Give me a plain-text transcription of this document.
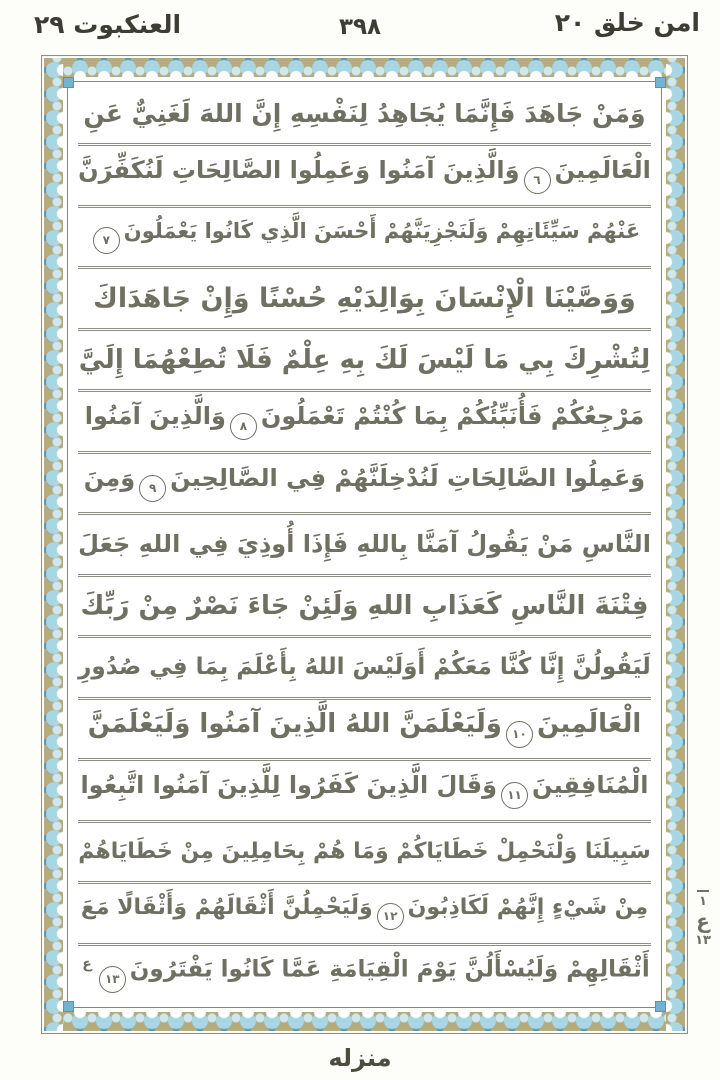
العنكبوت ٢٩	٣٩٨	امن خلق ٢٠
وَمَنْ جَاهَدَ فَإِنَّمَا يُجَاهِدُ لِنَفْسِهِ إِنَّ اللهَ لَغَنِيٌّ عَنِ
الْعَالَمِينَ٦وَالَّذِينَ آمَنُوا وَعَمِلُوا الصَّالِحَاتِ لَنُكَفِّرَنَّ
عَنْهُمْ سَيِّئَاتِهِمْ وَلَنَجْزِيَنَّهُمْ أَحْسَنَ الَّذِي كَانُوا يَعْمَلُونَ٧
وَوَصَّيْنَا الْإِنْسَانَ بِوَالِدَيْهِ حُسْنًا وَإِنْ جَاهَدَاكَ
لِتُشْرِكَ بِي مَا لَيْسَ لَكَ بِهِ عِلْمٌ فَلَا تُطِعْهُمَا إِلَيَّ
مَرْجِعُكُمْ فَأُنَبِّئُكُمْ بِمَا كُنْتُمْ تَعْمَلُونَ٨وَالَّذِينَ آمَنُوا
وَعَمِلُوا الصَّالِحَاتِ لَنُدْخِلَنَّهُمْ فِي الصَّالِحِينَ٩وَمِنَ
النَّاسِ مَنْ يَقُولُ آمَنَّا بِاللهِ فَإِذَا أُوذِيَ فِي اللهِ جَعَلَ
فِتْنَةَ النَّاسِ كَعَذَابِ اللهِ وَلَئِنْ جَاءَ نَصْرٌ مِنْ رَبِّكَ
لَيَقُولُنَّ إِنَّا كُنَّا مَعَكُمْ أَوَلَيْسَ اللهُ بِأَعْلَمَ بِمَا فِي صُدُورِ
الْعَالَمِينَ١٠وَلَيَعْلَمَنَّ اللهُ الَّذِينَ آمَنُوا وَلَيَعْلَمَنَّ
الْمُنَافِقِينَ١١وَقَالَ الَّذِينَ كَفَرُوا لِلَّذِينَ آمَنُوا اتَّبِعُوا
سَبِيلَنَا وَلْنَحْمِلْ خَطَايَاكُمْ وَمَا هُمْ بِحَامِلِينَ مِنْ خَطَايَاهُمْ
مِنْ شَيْءٍ إِنَّهُمْ لَكَاذِبُونَ١٢وَلَيَحْمِلُنَّ أَثْقَالَهُمْ وَأَثْقَالًا مَعَ
أَثْقَالِهِمْ وَلَيُسْأَلُنَّ يَوْمَ الْقِيَامَةِ عَمَّا كَانُوا $يَفْتَرُونَ١٣^ع$
١
ع
١٣
منزله
